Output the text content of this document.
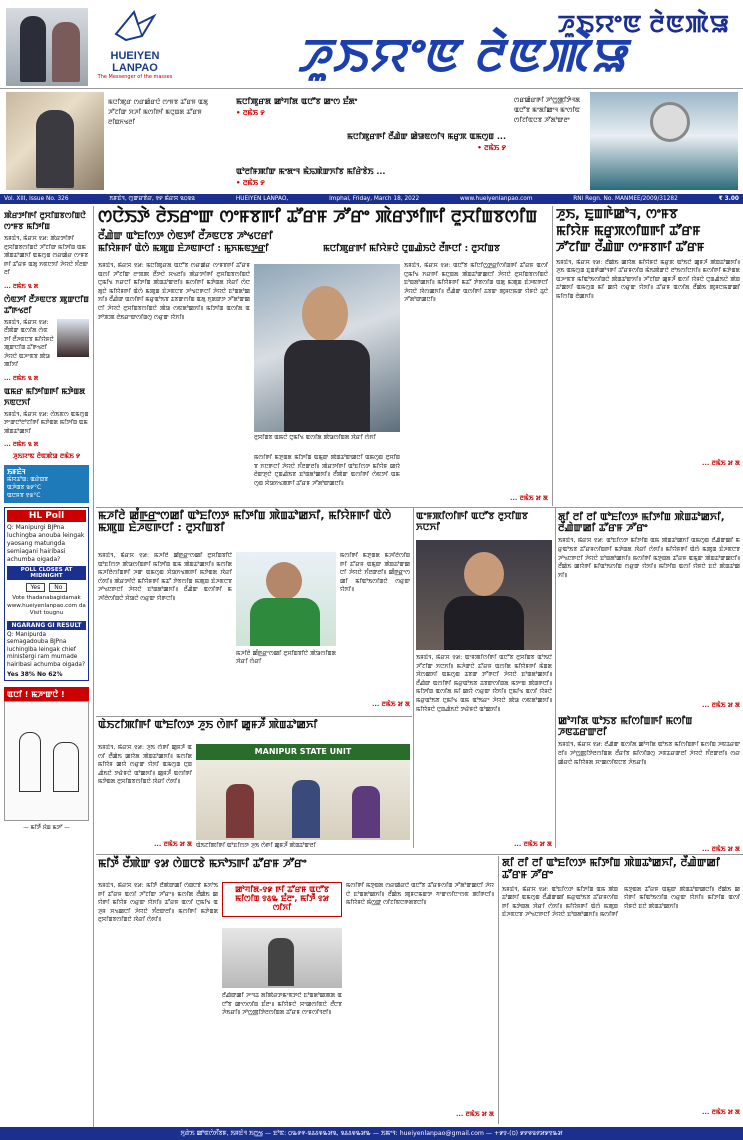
HUEIYEN
LANPAO
The Messenger of the masses
ꯍꯨꯏꯌꯦꯟ ꯂꯥꯟꯄꯥꯎ
ꯍꯨꯏꯌꯦꯟ ꯂꯥꯟꯄꯥꯎ
ꯃꯅꯤꯄꯨꯔ ꯁꯔꯀꯥꯔꯅꯥ ꯁꯦꯝꯕ ꯊꯧꯔꯝ ꯑꯗꯨ ꯍꯧꯖꯤꯛ ꯆꯍꯤ ꯃꯁꯤꯒꯤ ꯃꯅꯨꯡꯗ ꯊꯧꯔꯝ ꯂꯤꯡꯈꯠꯂꯤ
ꯃꯅꯤꯄꯨꯔꯗ ꯀꯣꯚꯤꯗ ꯑꯅꯧꯕ ꯀꯦꯁ ꯐꯪꯗꯦ
• ꯂꯃꯥꯏ ꯸
ꯃꯅꯤꯄꯨꯔꯒꯤ ꯂꯩꯉꯥꯛ ꯀꯥꯎꯟꯁꯤꯜ ꯃꯔꯨꯞ ꯑꯃꯁꯨꯡ ...
• ꯂꯃꯥꯏ ꯸
ꯑꯣꯂꯤꯝꯄꯤꯛ ꯃꯦꯗꯦꯜ ꯃꯥꯢꯄꯥꯛꯈꯤꯕ ꯃꯤꯔꯥꯕꯥꯏ ...
• ꯂꯃꯥꯏ ꯸
ꯁꯔꯀꯥꯔꯒꯤ ꯍꯣꯁ꯭ꯄꯤꯇꯥꯜꯗ ꯑꯅꯧꯕ ꯃꯦꯗꯤꯀꯦꯜ ꯃꯦꯁꯤꯟ ꯁꯤꯖꯤꯟꯅꯕ ꯍꯧꯗꯣꯛꯂꯦ
Vol. XIII, Issue No. 326	ꯏꯝꯐꯥꯜ, ꯁꯨꯛꯔꯕꯥꯔ, ꯱꯸ ꯃꯥꯔꯆ ꯲꯰꯲꯲	HUEIYEN LANPAO,	Imphal, Friday, March 18, 2022	www.hueiyenlanpao.com	RNI Regn. No. MANMEE/2009/31282	₹ 3.00
ꯄꯥꯔꯇꯤꯒꯤ ꯂꯨꯆꯤꯡꯕꯁꯤꯡꯅꯥ ꯁꯦꯝꯕ ꯃꯤꯇꯤꯡ
ꯏꯝꯐꯥꯜ, ꯃꯥꯔꯆ ꯱꯷: ꯄꯥꯔꯇꯤꯒꯤ ꯂꯨꯆꯤꯡꯕꯁꯤꯡꯅꯥ ꯍꯧꯖꯤꯛ ꯃꯤꯇꯤꯡ ꯑꯃ ꯄꯥꯡꯊꯣꯀꯈꯤ ꯑꯃꯁꯨꯡ ꯁꯔꯀꯥꯔ ꯁꯦꯝꯕꯒꯤ ꯊꯧꯔꯝ ꯑꯗꯨ ꯈꯟꯅꯈꯤ ꯍꯥꯌꯅꯥ ꯈꯪꯂꯛꯂꯤ
... ꯂꯃꯥꯏ ꯲ ꯗ
ꯁꯥꯟꯇꯤ ꯂꯩꯍꯟꯅꯕ ꯄꯨꯛꯅꯤꯡ ꯊꯧꯒꯠꯂꯤ
ꯏꯝꯐꯥꯜ, ꯃꯥꯔꯆ ꯱꯷: ꯂꯩꯄꯥꯛ ꯑꯁꯤꯗ ꯁꯥꯟꯇꯤ ꯂꯩꯍꯟꯅꯕ ꯃꯤꯌꯥꯝꯅꯥ ꯄꯨꯛꯅꯤꯡ ꯊꯧꯒꯠꯂꯤ ꯍꯥꯌꯅꯥ ꯑꯍꯦꯟꯕ ꯄꯥꯎ ꯄꯤꯈꯤ
... ꯂꯃꯥꯏ ꯲ ꯗ
ꯑꯃꯔ ꯃꯤꯇꯤꯡꯒꯤ ꯃꯇꯥꯡꯗ ꯈꯟꯅꯈꯤ
ꯏꯝꯐꯥꯜ, ꯃꯥꯔꯆ ꯱꯷: ꯁꯥꯏꯟꯁ ꯑꯃꯁꯨꯡ ꯇꯦꯛꯅꯣꯂꯣꯖꯤꯒꯤ ꯃꯇꯥꯡꯗ ꯃꯤꯇꯤꯡ ꯑꯃ ꯄꯥꯡꯊꯣꯀꯈꯤ
... ꯂꯃꯥꯏ ꯲ ꯗ
ꯍꯨꯏꯌꯦꯟ ꯂꯥꯟꯄꯥꯎ ꯂꯃꯥꯏ ꯸
ꯏꯝꯐꯥꯜ
ꯃꯥꯌꯊꯣꯡ: ꯑꯔꯥꯡꯕ
ꯑꯍꯥꯡꯕ ꯲꯸°C
ꯑꯅꯝꯕ ꯱꯲°C
HL Poll
Q: Manipurgi BJPna luchingba anouba leingak yaosang matungda semiagani hairibasi achumba oigada?
POLL CLOSES AT MIDNIGHT
Yes	No
Vote thadanabagidamak www.hueiyenlanpao.com da Visit tougnu
NGARANG GI RESULT
Q: Manipurda semagadouba BJPna luchinglba leingak chief ministergi ram murnade hairibasi achumba oigada?
Yes 38% No 62%
ꯑꯅꯤ ! ꯃꯍꯦꯛꯅꯥ !
— ꯃꯤꯇꯩ ꯆꯥꯡ ꯃꯇꯧ —
ꯁꯅꯥꯏꯇꯥ ꯂꯥꯏꯔꯦꯛ ꯁꯦꯝꯕꯒꯤ ꯊꯧꯔꯝ ꯍꯧꯔꯦ ꯄꯥꯔꯇꯤꯒꯤ ꯂꯨꯆꯤꯡꯕꯁꯤꯡ
ꯂꯩꯉꯥꯛ ꯑꯣꯐꯤꯁꯇ ꯁꯥꯟꯇꯤ ꯂꯩꯍꯟꯅꯕ ꯍꯣꯠꯅꯔꯤ
ꯃꯤꯌꯥꯝꯒꯤ ꯑꯥꯁꯥ ꯃꯄꯨꯡ ꯐꯥꯍꯟꯒꯅꯤ : ꯃꯨꯈꯃꯟꯇ꯭ꯔꯤ	ꯃꯅꯤꯄꯨꯔꯒꯤ ꯃꯤꯌꯥꯝꯅꯥ ꯅꯨꯡꯉꯥꯏꯅꯥ ꯂꯩꯒꯅꯤ : ꯂꯨꯆꯤꯡꯕ
ꯏꯝꯐꯥꯜ, ꯃꯥꯔꯆ ꯱꯷: ꯃꯅꯤꯄꯨꯔꯗ ꯑꯅꯧꯕ ꯁꯔꯀꯥꯔ ꯁꯦꯝꯕꯒꯤ ꯊꯧꯔꯝ ꯑꯁꯤ ꯍꯧꯖꯤꯛ ꯂꯦꯞꯄ ꯂꯩꯇꯅꯥ ꯆꯠꯂꯤ꯫ ꯄꯥꯔꯇꯤꯒꯤ ꯂꯨꯆꯤꯡꯕꯁꯤꯡꯅꯥ ꯅꯨꯃꯤꯠ ꯈꯔꯅꯤ ꯃꯤꯇꯤꯡ ꯄꯥꯡꯊꯣꯛꯂꯤ꯫ ꯃꯁꯤꯒꯤ ꯃꯇꯥꯡꯗ ꯋꯥꯔꯤ ꯁꯥꯅꯗꯨꯅꯥ ꯃꯤꯌꯥꯝꯒꯤ ꯑꯥꯁꯥ ꯃꯄꯨꯡ ꯐꯥꯍꯟꯅꯕ ꯍꯣꯠꯅꯒꯅꯤ ꯍꯥꯌꯅꯥ ꯐꯣꯡꯗꯣꯀꯈꯤ꯫ ꯂꯩꯉꯥꯛ ꯑꯁꯤꯒꯤ ꯃꯔꯨꯑꯣꯏꯕ ꯊꯕꯛꯁꯤꯡ ꯑꯗꯨ ꯈꯨꯗꯛꯇ ꯍꯧꯗꯣꯛꯀꯅꯤ ꯍꯥꯌꯅꯥ ꯂꯨꯆꯤꯡꯕꯁꯤꯡꯅꯥ ꯄꯥꯎ ꯁꯟꯗꯣꯀꯈꯤ꯫ ꯃꯤꯇꯤꯡ ꯑꯁꯤꯗ ꯑꯇꯣꯞꯄ ꯂꯥꯏꯔꯦꯛꯁꯤꯡꯁꯨ ꯁꯔꯨꯛ ꯌꯥꯈꯤ꯫
ꯂꯨꯆꯤꯡꯕ ꯑꯃꯅꯥ ꯅꯨꯃꯤꯠ ꯑꯁꯤꯗ ꯄꯥꯎꯁꯤꯡꯗ ꯋꯥꯔꯤ ꯁꯥꯈꯤ
ꯃꯁꯤꯒꯤ ꯃꯇꯨꯡꯗ ꯃꯤꯇꯤꯡ ꯑꯃꯨꯛ ꯄꯥꯡꯊꯣꯛꯀꯅꯤ ꯑꯃꯁꯨꯡ ꯂꯨꯆꯤꯡꯕ ꯈꯅꯒꯅꯤ ꯍꯥꯌꯅꯥ ꯈꯪꯂꯛꯂꯤ꯫ ꯄꯥꯔꯇꯤꯒꯤ ꯑꯣꯐꯤꯁꯇ ꯃꯤꯌꯥꯝ ꯀꯌꯥ ꯂꯥꯛꯇꯨꯅꯥ ꯅꯨꯡꯉꯥꯏꯕ ꯐꯣꯡꯗꯣꯀꯈꯤ꯫ ꯂꯩꯄꯥꯛ ꯑꯁꯤꯒꯤ ꯁꯥꯟꯇꯤ ꯑꯃꯁꯨꯡ ꯆꯥꯎꯈꯠꯄꯒꯤ ꯊꯧꯔꯝ ꯍꯧꯗꯣꯛꯀꯅꯤ꯫
ꯏꯝꯐꯥꯜ, ꯃꯥꯔꯆ ꯱꯷: ꯑꯅꯧꯕ ꯃꯤꯅꯤꯁ꯭ꯇ꯭ꯔꯤꯁꯤꯡꯒꯤ ꯊꯧꯔꯝ ꯑꯁꯤ ꯅꯨꯃꯤꯠ ꯈꯔꯒꯤ ꯃꯅꯨꯡꯗ ꯄꯥꯡꯊꯣꯛꯀꯅꯤ ꯍꯥꯌꯅꯥ ꯂꯨꯆꯤꯡꯕꯁꯤꯡꯅꯥ ꯐꯣꯡꯗꯣꯀꯈꯤ꯫ ꯃꯤꯌꯥꯝꯒꯤ ꯃꯊꯧ ꯇꯥꯕꯁꯤꯡ ꯑꯗꯨ ꯃꯄꯨꯡ ꯐꯥꯍꯟꯒꯅꯤ ꯍꯥꯌꯅꯥ ꯋꯥꯁꯀꯈꯤ꯫ ꯂꯩꯉꯥꯛ ꯑꯁꯤꯒꯤ ꯊꯕꯛ ꯄꯨꯝꯅꯃꯛ ꯌꯥꯝꯅꯥ ꯊꯨꯅꯥ ꯍꯧꯗꯣꯛꯀꯅꯤ꯫
... ꯂꯃꯥꯏ ꯷ ꯗ
ꯍꯨꯏ, ꯐꯨꯡꯒꯥꯀꯣꯜ, ꯁꯦꯝꯕ
ꯃꯤꯌꯥꯝ ꯃꯔꯨꯞꯁꯤꯡꯒꯤ ꯊꯧꯔꯝ
ꯍꯧꯖꯤꯛ ꯂꯩꯉꯥꯛ ꯁꯦꯝꯕꯒꯤ ꯊꯧꯔꯝ
ꯏꯝꯐꯥꯜ, ꯃꯥꯔꯆ ꯱꯷: ꯂꯩꯀꯥꯏ ꯀꯌꯥꯗ ꯃꯤꯌꯥꯝꯅꯥ ꯃꯔꯨꯞ ꯑꯣꯏꯅꯥ ꯀꯨꯝꯍꯩ ꯄꯥꯡꯊꯣꯀꯈꯤ꯫ ꯍꯨꯏ ꯑꯃꯁꯨꯡ ꯐꯨꯡꯒꯥꯀꯣꯜꯒꯤ ꯊꯧꯔꯝꯁꯤꯡ ꯃꯥꯏꯄꯥꯛꯅꯥ ꯂꯣꯏꯁꯤꯅꯈꯤ꯫ ꯃꯁꯤꯒꯤ ꯃꯇꯥꯡꯗ ꯑꯍꯦꯟꯕ ꯃꯤꯑꯣꯏꯁꯤꯡꯅꯥ ꯄꯥꯡꯊꯣꯛꯈꯤ꯫ ꯍꯧꯖꯤꯛ ꯀꯨꯝꯍꯩ ꯑꯁꯤ ꯌꯥꯝꯅꯥ ꯅꯨꯡꯉꯥꯏꯅꯥ ꯄꯥꯡꯊꯣꯀꯈꯤ ꯑꯃꯁꯨꯡ ꯃꯤ ꯀꯌꯥ ꯁꯔꯨꯛ ꯌꯥꯈꯤ꯫ ꯊꯧꯔꯝ ꯑꯁꯤꯗ ꯂꯩꯀꯥꯏ ꯄꯨꯝꯅꯃꯛꯀꯤ ꯃꯤꯁꯤꯡ ꯂꯥꯀꯈꯤ꯫
... ꯂꯃꯥꯏ ꯷ ꯗ
ꯃꯍꯤꯂꯥ ꯀꯪꯒ꯭ꯔꯦꯁꯀꯤ ꯑꯣꯐꯤꯁꯇ ꯃꯤꯇꯤꯡ ꯄꯥꯡꯊꯣꯀꯈꯤ, ꯃꯤꯌꯥꯝꯒꯤ ꯑꯥꯁꯥ ꯃꯄꯨꯡ ꯐꯥꯍꯟꯒꯅꯤ : ꯂꯨꯆꯤꯡꯕꯤ
ꯏꯝꯐꯥꯜ, ꯃꯥꯔꯆ ꯱꯷: ꯃꯍꯤꯂꯥ ꯀꯪꯒ꯭ꯔꯦꯁꯀꯤ ꯂꯨꯆꯤꯡꯕꯤꯅꯥ ꯑꯣꯐꯤꯁꯇ ꯄꯥꯎꯁꯤꯡꯒꯤ ꯃꯤꯇꯤꯡ ꯑꯃ ꯄꯥꯡꯊꯣꯀꯈꯤ꯫ ꯃꯁꯤꯗ ꯃꯍꯤꯂꯥꯁꯤꯡꯒꯤ ꯍꯛ ꯑꯃꯁꯨꯡ ꯆꯥꯎꯈꯠꯄꯒꯤ ꯃꯇꯥꯡꯗ ꯋꯥꯔꯤ ꯁꯥꯈꯤ꯫ ꯄꯥꯔꯇꯤꯅꯥ ꯃꯤꯌꯥꯝꯒꯤ ꯃꯊꯧ ꯇꯥꯕꯁꯤꯡ ꯃꯄꯨꯡ ꯐꯥꯍꯟꯅꯕ ꯍꯣꯠꯅꯒꯅꯤ ꯍꯥꯌꯅꯥ ꯐꯣꯡꯗꯣꯀꯈꯤ꯫ ꯂꯩꯉꯥꯛ ꯑꯁꯤꯒꯤ ꯃꯍꯤꯂꯥꯁꯤꯡꯅꯥ ꯆꯥꯎꯅꯥ ꯁꯔꯨꯛ ꯌꯥꯒꯅꯤ꯫
ꯃꯁꯤꯒꯤ ꯃꯇꯨꯡꯗ ꯃꯍꯤꯂꯥꯁꯤꯡꯒꯤ ꯊꯧꯔꯝ ꯑꯃꯨꯛ ꯄꯥꯡꯊꯣꯛꯀꯅꯤ ꯍꯥꯌꯅꯥ ꯈꯪꯂꯛꯂꯤ꯫ ꯀꯪꯒ꯭ꯔꯦꯁꯀꯤ ꯃꯤꯑꯣꯏꯁꯤꯡꯅꯥ ꯁꯔꯨꯛ ꯌꯥꯈꯤ꯫
ꯃꯍꯤꯂꯥ ꯀꯪꯒ꯭ꯔꯦꯁꯀꯤ ꯂꯨꯆꯤꯡꯕꯤꯅꯥ ꯄꯥꯎꯁꯤꯡꯗ ꯋꯥꯔꯤ ꯁꯥꯔꯤ
... ꯂꯃꯥꯏ ꯷ ꯗ
ꯑꯦꯝꯄꯤꯁꯤꯒꯤ ꯑꯅꯧꯕ ꯂꯨꯆꯤꯡꯕ ꯈꯅꯈꯤ
ꯏꯝꯐꯥꯜ, ꯃꯥꯔꯆ ꯱꯷: ꯑꯦꯝꯄꯤꯁꯤꯒꯤ ꯑꯅꯧꯕ ꯂꯨꯆꯤꯡꯕ ꯑꯣꯏꯅꯥ ꯍꯧꯖꯤꯛ ꯈꯅꯈꯤ꯫ ꯃꯍꯥꯛꯅꯥ ꯊꯧꯔꯝ ꯑꯁꯤꯗ ꯃꯤꯌꯥꯝꯒꯤ ꯃꯥꯡꯗ ꯋꯥꯁꯀꯈꯤ ꯑꯃꯁꯨꯡ ꯊꯕꯛ ꯇꯧꯒꯅꯤ ꯍꯥꯌꯅꯥ ꯐꯣꯡꯗꯣꯀꯈꯤ꯫ ꯂꯩꯉꯥꯛ ꯑꯁꯤꯒꯤ ꯃꯔꯨꯑꯣꯏꯕ ꯊꯕꯛꯁꯤꯡꯗ ꯃꯇꯦꯡ ꯄꯥꯡꯒꯅꯤ꯫ ꯃꯤꯇꯤꯡ ꯑꯁꯤꯗ ꯃꯤ ꯀꯌꯥ ꯁꯔꯨꯛ ꯌꯥꯈꯤ꯫ ꯅꯨꯃꯤꯠ ꯑꯁꯤ ꯌꯥꯝꯅꯥ ꯃꯔꯨꯑꯣꯏꯕ ꯅꯨꯃꯤꯠ ꯑꯃ ꯑꯣꯏꯔꯦ ꯍꯥꯌꯅꯥ ꯄꯥꯎ ꯁꯟꯗꯣꯀꯈꯤ꯫ ꯃꯤꯌꯥꯝꯅꯥ ꯅꯨꯡꯉꯥꯏꯅꯥ ꯇꯔꯥꯝꯅꯥ ꯑꯣꯀꯈꯤ꯫
... ꯂꯃꯥꯏ ꯷ ꯗ
ꯗꯤ ꯂꯤ ꯂꯤ ꯑꯣꯐꯤꯁꯇ ꯃꯤꯇꯤꯡ ꯄꯥꯡꯊꯣꯀꯈꯤ, ꯂꯩꯉꯥꯛꯀꯤ ꯊꯧꯔꯝ ꯍꯧꯔꯦ
ꯏꯝꯐꯥꯜ, ꯃꯥꯔꯆ ꯱꯷: ꯑꯣꯐꯤꯁꯇ ꯃꯤꯇꯤꯡ ꯑꯃ ꯄꯥꯡꯊꯣꯀꯈꯤ ꯑꯃꯁꯨꯡ ꯂꯩꯉꯥꯛꯀꯤ ꯃꯔꯨꯑꯣꯏꯕ ꯊꯧꯔꯝꯁꯤꯡꯒꯤ ꯃꯇꯥꯡꯗ ꯋꯥꯔꯤ ꯁꯥꯈꯤ꯫ ꯃꯤꯌꯥꯝꯒꯤ ꯑꯥꯁꯥ ꯃꯄꯨꯡ ꯐꯥꯍꯟꯅꯕ ꯍꯣꯠꯅꯒꯅꯤ ꯍꯥꯌꯅꯥ ꯐꯣꯡꯗꯣꯀꯈꯤ꯫ ꯃꯁꯤꯒꯤ ꯃꯇꯨꯡꯗ ꯊꯧꯔꯝ ꯑꯃꯨꯛ ꯄꯥꯡꯊꯣꯛꯀꯅꯤ꯫ ꯂꯩꯀꯥꯏ ꯀꯌꯥꯒꯤ ꯃꯤꯑꯣꯏꯁꯤꯡ ꯁꯔꯨꯛ ꯌꯥꯈꯤ꯫ ꯃꯤꯇꯤꯡ ꯑꯁꯤ ꯌꯥꯝꯅꯥ ꯐꯅꯥ ꯄꯥꯡꯊꯣꯀꯈꯤ꯫
... ꯂꯃꯥꯏ ꯷ ꯗ
ꯀꯣꯚꯤꯗ ꯑꯣꯏꯕ ꯃꯤꯁꯤꯡꯒꯤ ꯃꯁꯤꯡ ꯍꯟꯊꯔꯛꯂꯤ
ꯏꯝꯐꯥꯜ, ꯃꯥꯔꯆ ꯱꯷: ꯂꯩꯉꯥꯛ ꯑꯁꯤꯗ ꯀꯣꯚꯤꯗ ꯑꯣꯏꯕ ꯃꯤꯁꯤꯡꯒꯤ ꯃꯁꯤꯡ ꯍꯟꯊꯔꯛꯂꯤ꯫ ꯍꯣꯁ꯭ꯄꯤꯇꯥꯂꯁꯤꯡꯗ ꯂꯩꯔꯤꯕ ꯃꯤꯁꯤꯡꯁꯨ ꯍꯟꯊꯔꯛꯂꯤ ꯍꯥꯌꯅꯥ ꯈꯪꯂꯛꯂꯤ꯫ ꯁꯔꯀꯥꯔꯅꯥ ꯃꯤꯌꯥꯝꯗ ꯆꯦꯀꯁꯤꯟꯅꯕ ꯍꯥꯏꯔꯤ꯫
... ꯂꯃꯥꯏ ꯷ ꯗ
ꯑꯥꯏꯖꯤꯄꯤꯒꯤ ꯑꯣꯐꯤꯁꯇ ꯍꯨꯏ ꯁꯥꯒꯤ ꯀꯨꯝꯍꯩ ꯄꯥꯡꯊꯣꯀꯈꯤ
ꯏꯝꯐꯥꯜ, ꯃꯥꯔꯆ ꯱꯷: ꯍꯨꯏ ꯁꯥꯒꯤ ꯀꯨꯝꯍꯩ ꯑꯁꯤ ꯂꯩꯀꯥꯏ ꯀꯌꯥꯗ ꯄꯥꯡꯊꯣꯀꯈꯤ꯫ ꯃꯁꯤꯗ ꯃꯤꯌꯥꯝ ꯀꯌꯥ ꯁꯔꯨꯛ ꯌꯥꯈꯤ ꯑꯃꯁꯨꯡ ꯅꯨꯡꯉꯥꯏꯅꯥ ꯇꯔꯥꯝꯅꯥ ꯑꯣꯀꯈꯤ꯫ ꯀꯨꯝꯍꯩ ꯑꯁꯤꯒꯤ ꯃꯇꯥꯡꯗ ꯂꯨꯆꯤꯡꯕꯁꯤꯡꯅꯥ ꯋꯥꯔꯤ ꯁꯥꯈꯤ꯫
MANIPUR STATE UNIT
ꯑꯥꯏꯖꯤꯄꯤꯒꯤ ꯑꯣꯐꯤꯁꯇ ꯍꯨꯏ ꯁꯥꯒꯤ ꯀꯨꯝꯍꯩ ꯄꯥꯡꯊꯣꯛꯂꯤ
... ꯂꯃꯥꯏ ꯷ ꯗ
ꯃꯤꯇꯩ ꯂꯩꯄꯥꯛ ꯱꯷ ꯁꯥꯡꯅꯕꯥ ꯃꯈꯣꯏꯒꯤ ꯊꯧꯔꯝ ꯍꯧꯔꯦ
ꯏꯝꯐꯥꯜ, ꯃꯥꯔꯆ ꯱꯷: ꯃꯤꯇꯩ ꯂꯩꯄꯥꯛꯀꯤ ꯁꯥꯡꯅꯕꯥ ꯃꯈꯣꯏꯒꯤ ꯊꯧꯔꯝ ꯑꯁꯤ ꯍꯧꯖꯤꯛ ꯍꯧꯔꯦ꯫ ꯃꯁꯤꯗ ꯂꯩꯀꯥꯏ ꯀꯌꯥꯒꯤ ꯃꯤꯌꯥꯝ ꯁꯔꯨꯛ ꯌꯥꯈꯤ꯫ ꯊꯧꯔꯝ ꯑꯁꯤ ꯅꯨꯃꯤꯠ ꯑꯍꯨꯝ ꯆꯠꯀꯅꯤ ꯍꯥꯌꯅꯥ ꯈꯪꯂꯛꯂꯤ꯫ ꯃꯁꯤꯒꯤ ꯃꯇꯥꯡꯗ ꯂꯨꯆꯤꯡꯕꯁꯤꯡꯅꯥ ꯋꯥꯔꯤ ꯁꯥꯈꯤ꯫
ꯀꯣꯚꯤꯗ-꯱꯹ ꯒꯤ ꯊꯧꯔꯝ ꯑꯅꯧꯕ ꯃꯤꯁꯤꯡ ꯱꯴꯳ ꯐꯪꯂꯦ, ꯃꯤꯇꯩ ꯱꯷ ꯁꯤꯈꯤ
ꯂꯩꯉꯥꯛꯀꯤ ꯍꯦꯜꯊ ꯗꯤꯄꯥꯔꯇꯃꯦꯟꯇꯅꯥ ꯐꯣꯡꯗꯣꯀꯄꯗ ꯑꯅꯧꯕ ꯀꯦꯁꯁꯤꯡ ꯐꯪꯂꯦ꯫ ꯃꯤꯌꯥꯝꯅꯥ ꯆꯦꯀꯁꯤꯟꯅꯥ ꯂꯩꯅꯕ ꯍꯥꯏꯔꯤ꯫ ꯍꯣꯁ꯭ꯄꯤꯇꯥꯂꯁꯤꯡꯗ ꯊꯧꯔꯝ ꯁꯦꯝꯁꯤꯜꯂꯤ꯫
ꯃꯁꯤꯒꯤ ꯃꯇꯨꯡꯗ ꯁꯔꯀꯥꯔꯅꯥ ꯑꯅꯧꯕ ꯊꯧꯔꯝꯁꯤꯡ ꯍꯧꯗꯣꯛꯀꯅꯤ ꯍꯥꯌꯅꯥ ꯐꯣꯡꯗꯣꯀꯈꯤ꯫ ꯂꯩꯀꯥꯏ ꯄꯨꯝꯅꯃꯛꯇ ꯚꯦꯛꯁꯤꯅꯦꯁꯟ ꯄꯤꯒꯅꯤ꯫ ꯃꯤꯌꯥꯝꯅꯥ ꯃꯥꯁ꯭ꯛ ꯁꯤꯖꯤꯟꯅꯒꯗꯕꯅꯤ꯫
... ꯂꯃꯥꯏ ꯷ ꯗ
ꯗꯤ ꯂꯤ ꯂꯤ ꯑꯣꯐꯤꯁꯇ ꯃꯤꯇꯤꯡ ꯄꯥꯡꯊꯣꯀꯈꯤ, ꯂꯩꯉꯥꯛꯀꯤ ꯊꯧꯔꯝ ꯍꯧꯔꯦ
ꯏꯝꯐꯥꯜ, ꯃꯥꯔꯆ ꯱꯷: ꯑꯣꯐꯤꯁꯇ ꯃꯤꯇꯤꯡ ꯑꯃ ꯄꯥꯡꯊꯣꯀꯈꯤ ꯑꯃꯁꯨꯡ ꯂꯩꯉꯥꯛꯀꯤ ꯃꯔꯨꯑꯣꯏꯕ ꯊꯧꯔꯝꯁꯤꯡꯒꯤ ꯃꯇꯥꯡꯗ ꯋꯥꯔꯤ ꯁꯥꯈꯤ꯫ ꯃꯤꯌꯥꯝꯒꯤ ꯑꯥꯁꯥ ꯃꯄꯨꯡ ꯐꯥꯍꯟꯅꯕ ꯍꯣꯠꯅꯒꯅꯤ ꯍꯥꯌꯅꯥ ꯐꯣꯡꯗꯣꯀꯈꯤ꯫ ꯃꯁꯤꯒꯤ ꯃꯇꯨꯡꯗ ꯊꯧꯔꯝ ꯑꯃꯨꯛ ꯄꯥꯡꯊꯣꯛꯀꯅꯤ꯫ ꯂꯩꯀꯥꯏ ꯀꯌꯥꯒꯤ ꯃꯤꯑꯣꯏꯁꯤꯡ ꯁꯔꯨꯛ ꯌꯥꯈꯤ꯫ ꯃꯤꯇꯤꯡ ꯑꯁꯤ ꯌꯥꯝꯅꯥ ꯐꯅꯥ ꯄꯥꯡꯊꯣꯀꯈꯤ꯫
... ꯂꯃꯥꯏ ꯷ ꯗ
ꯈꯨꯔꯥꯏ ꯀꯣꯟꯁꯥꯈꯩꯕꯝ, ꯏꯝꯐꯥꯜ ꯏꯁ꯭ꯠ — ꯐꯣꯟ: ꯰꯳꯸꯵-꯲꯴꯴꯶꯳꯷꯲, ꯲꯴꯴꯶꯳꯷꯳ — ꯏꯃꯦꯜ: hueiyenlanpao@gmail.com — +꯹꯱-(꯰) ꯹꯸꯶꯲꯸꯷꯹꯱꯳꯷
